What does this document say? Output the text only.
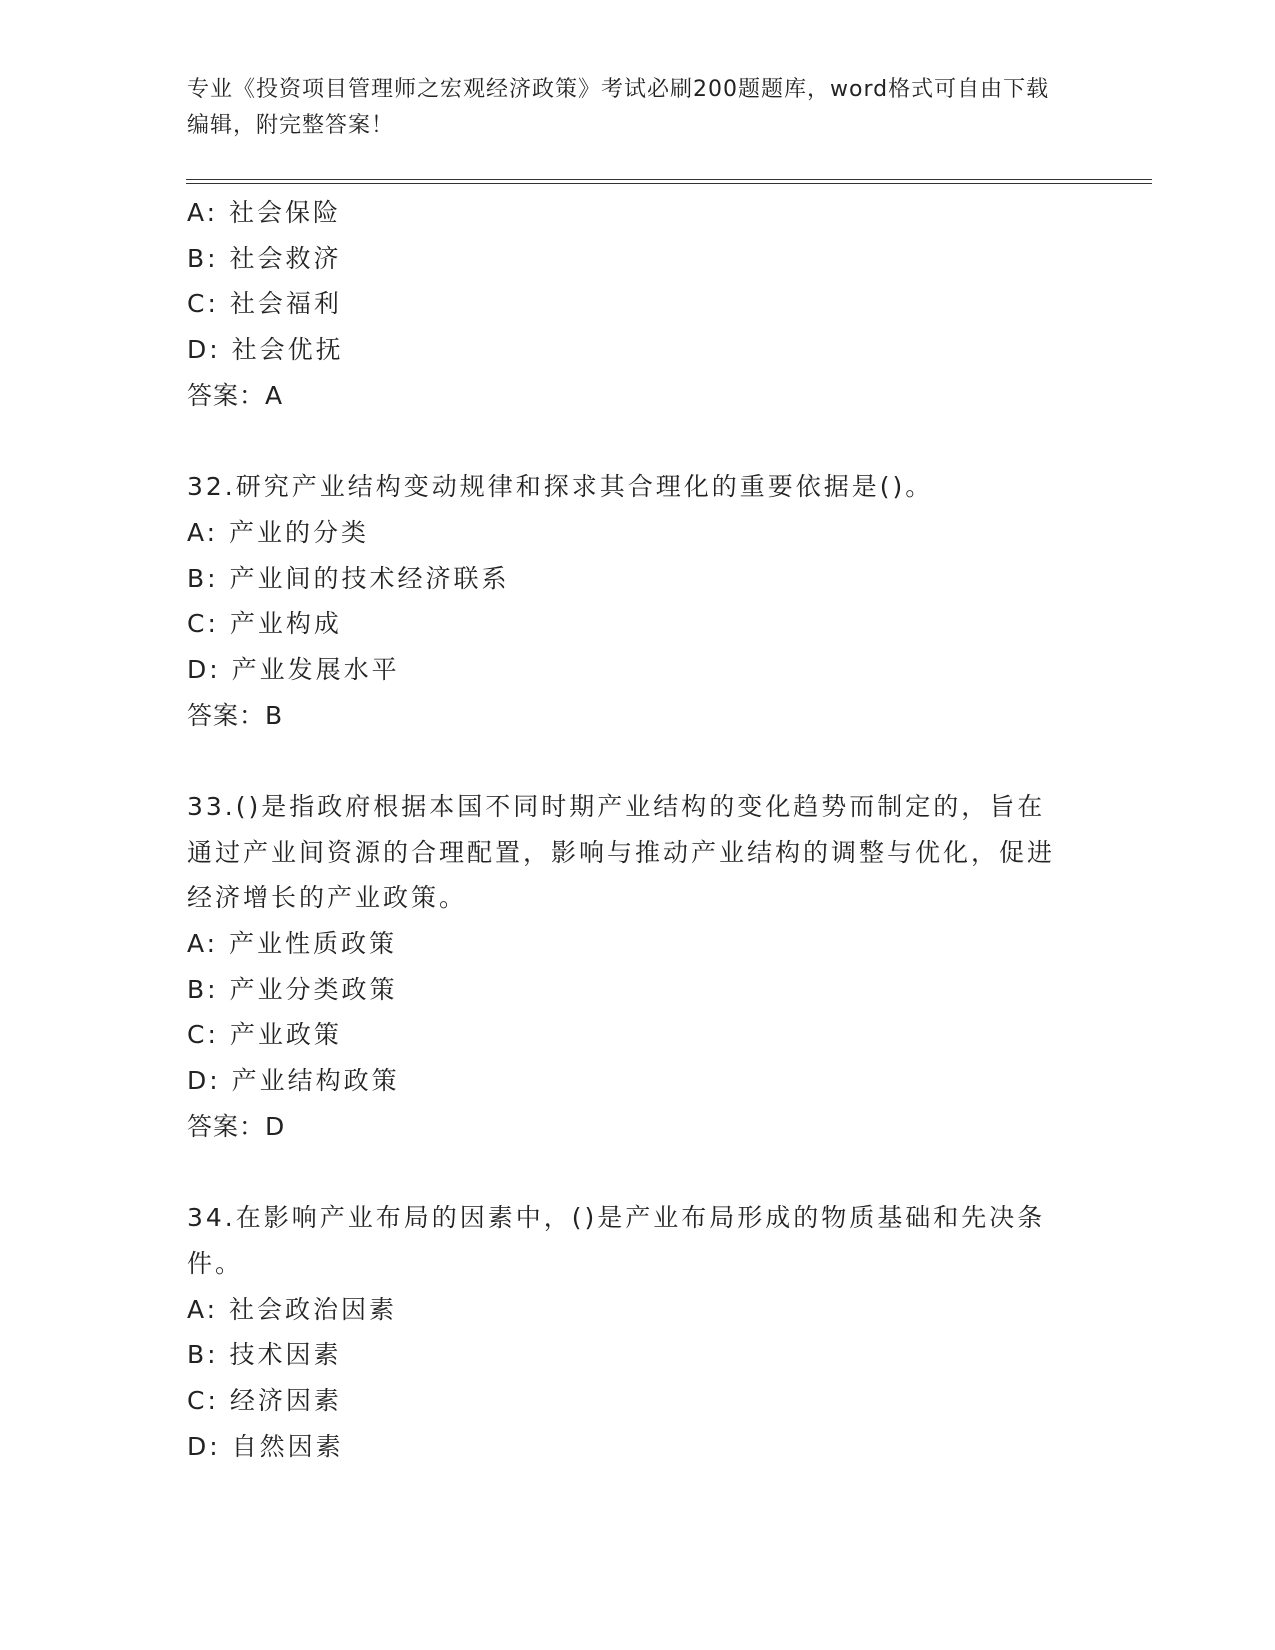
专业《投资项目管理师之宏观经济政策》考试必刷200题题库，word格式可自由下载编辑，附完整答案！
A: 社会保险
B: 社会救济
C: 社会福利
D: 社会优抚
答案：A
32.研究产业结构变动规律和探求其合理化的重要依据是()。
A: 产业的分类
B: 产业间的技术经济联系
C: 产业构成
D: 产业发展水平
答案：B
33.()是指政府根据本国不同时期产业结构的变化趋势而制定的，旨在通过产业间资源的合理配置，影响与推动产业结构的调整与优化，促进经济增长的产业政策。
A: 产业性质政策
B: 产业分类政策
C: 产业政策
D: 产业结构政策
答案：D
34.在影响产业布局的因素中，()是产业布局形成的物质基础和先决条件。
A: 社会政治因素
B: 技术因素
C: 经济因素
D: 自然因素
